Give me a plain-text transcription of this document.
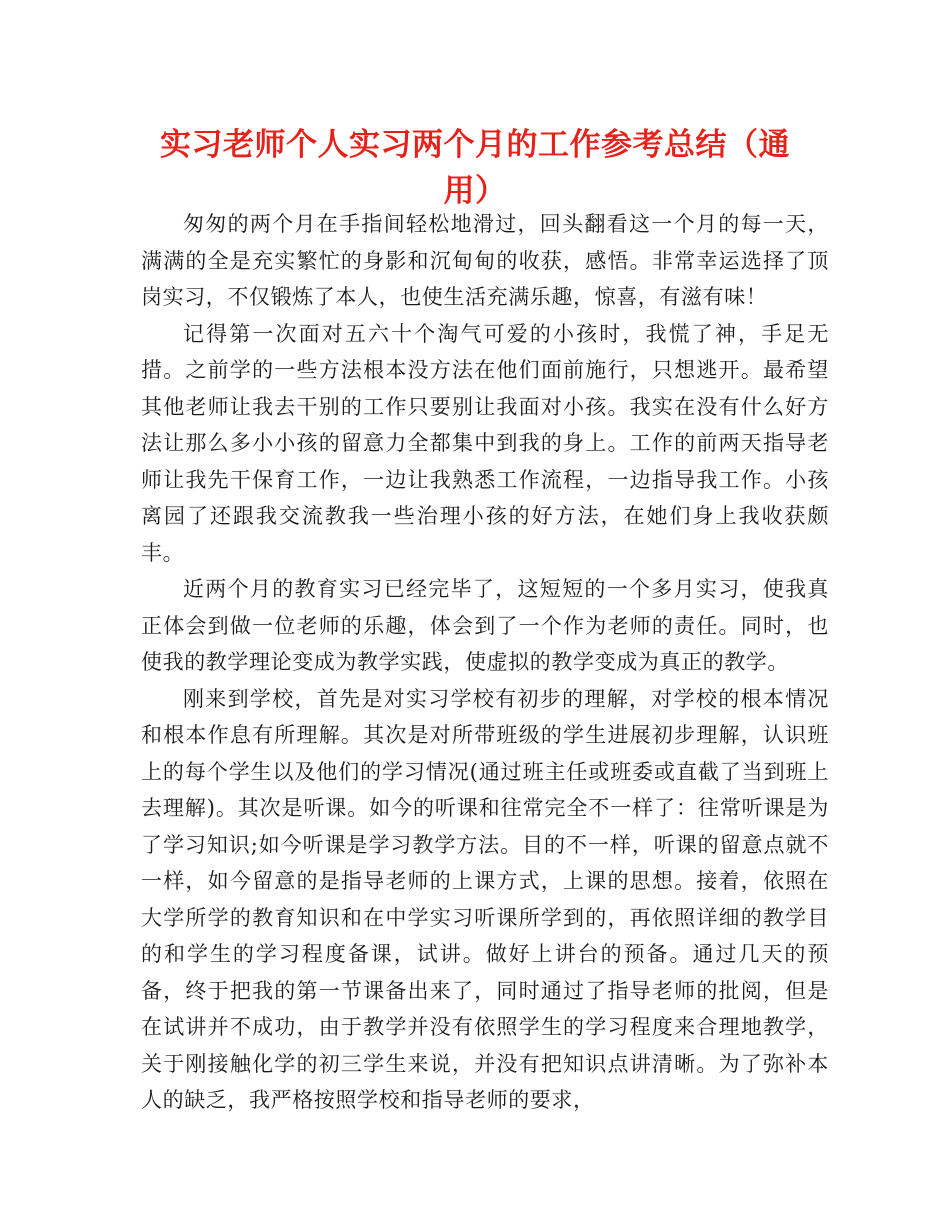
实习老师个人实习两个月的工作参考总结（通用）

匆匆的两个月在手指间轻松地滑过，回头翻看这一个月的每一天，满满的全是充实繁忙的身影和沉甸甸的收获，感悟。非常幸运选择了顶岗实习，不仅锻炼了本人，也使生活充满乐趣，惊喜，有滋有味！

记得第一次面对五六十个淘气可爱的小孩时，我慌了神，手足无措。之前学的一些方法根本没方法在他们面前施行，只想逃开。最希望其他老师让我去干别的工作只要别让我面对小孩。我实在没有什么好方法让那么多小小孩的留意力全都集中到我的身上。工作的前两天指导老师让我先干保育工作，一边让我熟悉工作流程，一边指导我工作。小孩离园了还跟我交流教我一些治理小孩的好方法，在她们身上我收获颇丰。

近两个月的教育实习已经完毕了，这短短的一个多月实习，使我真正体会到做一位老师的乐趣，体会到了一个作为老师的责任。同时，也使我的教学理论变成为教学实践，使虚拟的教学变成为真正的教学。

刚来到学校，首先是对实习学校有初步的理解，对学校的根本情况和根本作息有所理解。其次是对所带班级的学生进展初步理解，认识班上的每个学生以及他们的学习情况(通过班主任或班委或直截了当到班上去理解)。其次是听课。如今的听课和往常完全不一样了：往常听课是为了学习知识;如今听课是学习教学方法。目的不一样，听课的留意点就不一样，如今留意的是指导老师的上课方式，上课的思想。接着，依照在大学所学的教育知识和在中学实习听课所学到的，再依照详细的教学目的和学生的学习程度备课，试讲。做好上讲台的预备。通过几天的预备，终于把我的第一节课备出来了，同时通过了指导老师的批阅，但是在试讲并不成功，由于教学并没有依照学生的学习程度来合理地教学，关于刚接触化学的初三学生来说，并没有把知识点讲清晰。为了弥补本人的缺乏，我严格按照学校和指导老师的要求，
